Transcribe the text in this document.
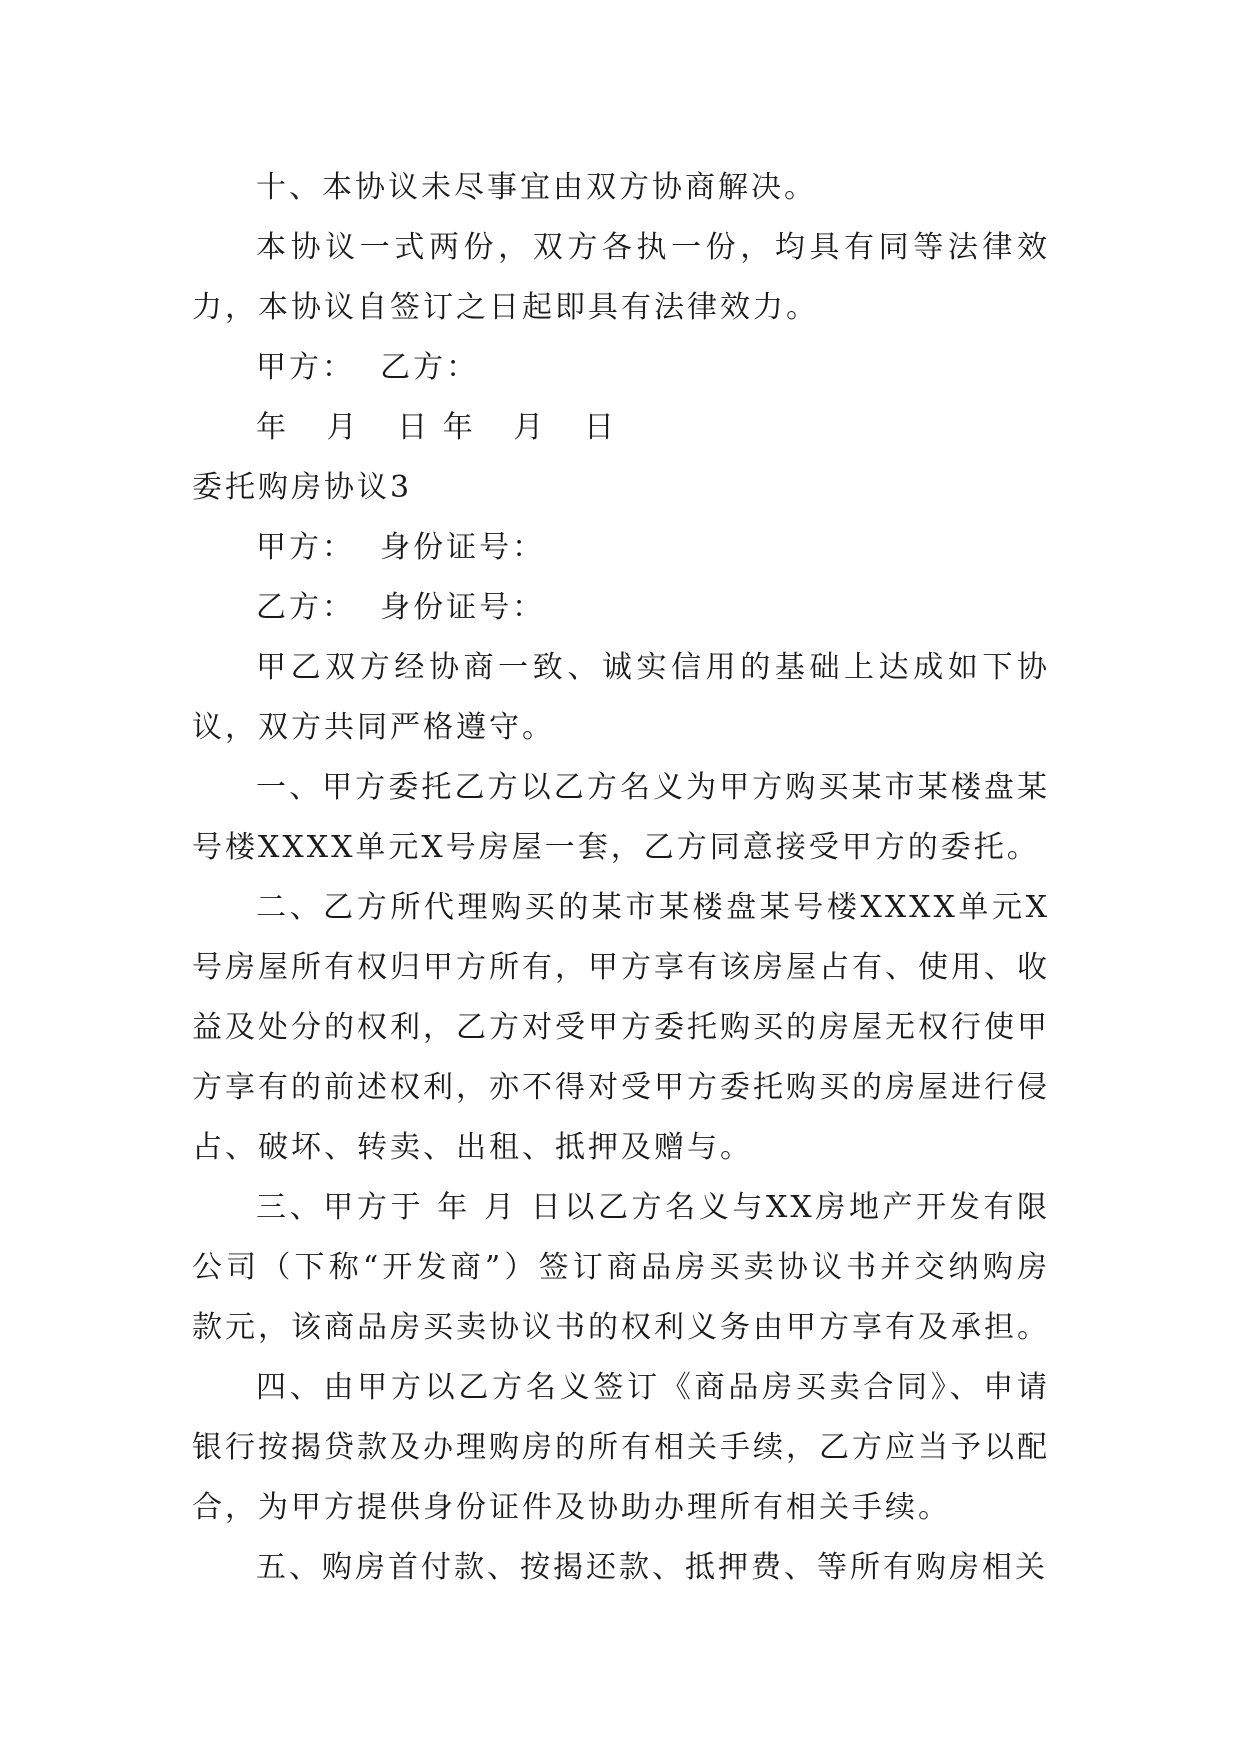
十、本协议未尽事宜由双方协商解决。

本协议一式两份，双方各执一份，均具有同等法律效力，本协议自签订之日起即具有法律效力。

甲方：  乙方：

年   月   日 年   月   日

委托购房协议3

甲方：  身份证号：

乙方：  身份证号：

甲乙双方经协商一致、诚实信用的基础上达成如下协议，双方共同严格遵守。

一、甲方委托乙方以乙方名义为甲方购买某市某楼盘某号楼XXXX单元X号房屋一套，乙方同意接受甲方的委托。

二、乙方所代理购买的某市某楼盘某号楼XXXX单元X号房屋所有权归甲方所有，甲方享有该房屋占有、使用、收益及处分的权利，乙方对受甲方委托购买的房屋无权行使甲方享有的前述权利，亦不得对受甲方委托购买的房屋进行侵占、破坏、转卖、出租、抵押及赠与。

三、甲方于 年 月 日以乙方名义与XX房地产开发有限公司（下称“开发商”）签订商品房买卖协议书并交纳购房款元，该商品房买卖协议书的权利义务由甲方享有及承担。

四、由甲方以乙方名义签订《商品房买卖合同》、申请银行按揭贷款及办理购房的所有相关手续，乙方应当予以配合，为甲方提供身份证件及协助办理所有相关手续。

五、购房首付款、按揭还款、抵押费、等所有购房相关
